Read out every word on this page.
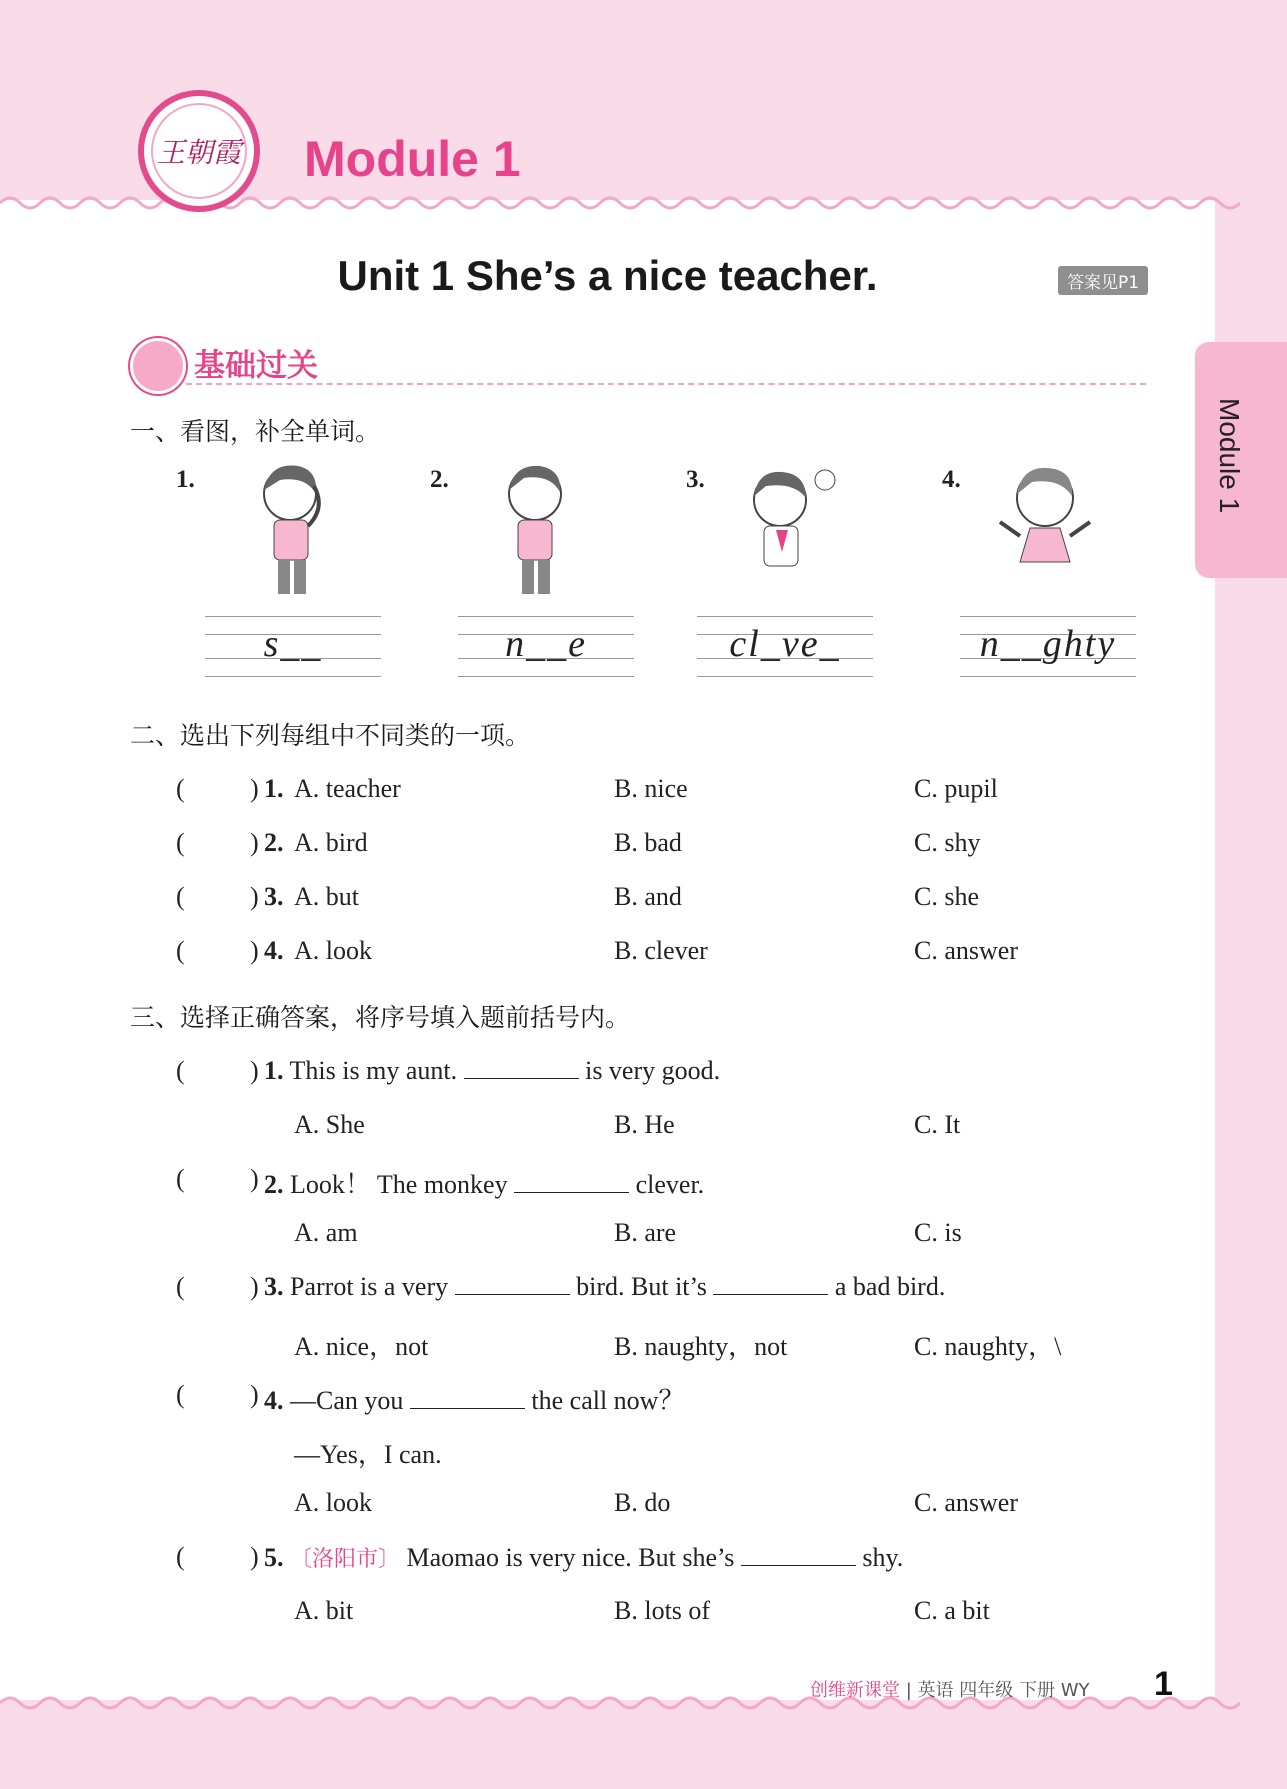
王朝霞 Module 1
Unit 1 She’s a nice teacher.	答案见P1
Module 1
基础过关
一、看图，补全单词。
1.
s__
2.
n__e
3.
cl_ve_
4.
n__ghty
二、选出下列每组中不同类的一项。
(	) 1. A. teacher	B. nice	C. pupil
(	) 2. A. bird	B. bad	C. shy
(	) 3. A. but	B. and	C. she
(	) 4. A. look	B. clever	C. answer
三、选择正确答案，将序号填入题前括号内。
(	) 1. This is my aunt.	is very good.
A. She	B. He	C. It
(	) 2. Look！ The monkey	clever.
A. am	B. are	C. is
(	) 3. Parrot is a very	bird. But it’s	a bad bird.
A. nice，not	B. naughty，not	C. naughty，\
(	) 4. —Can you	the call now？
—Yes，I can.
A. look	B. do	C. answer
(	) 5. 〔洛阳市〕 Maomao is very nice. But she’s	shy.
A. bit	B. lots of	C. a bit
创维新课堂 | 英语 四年级 下册 WY 1
